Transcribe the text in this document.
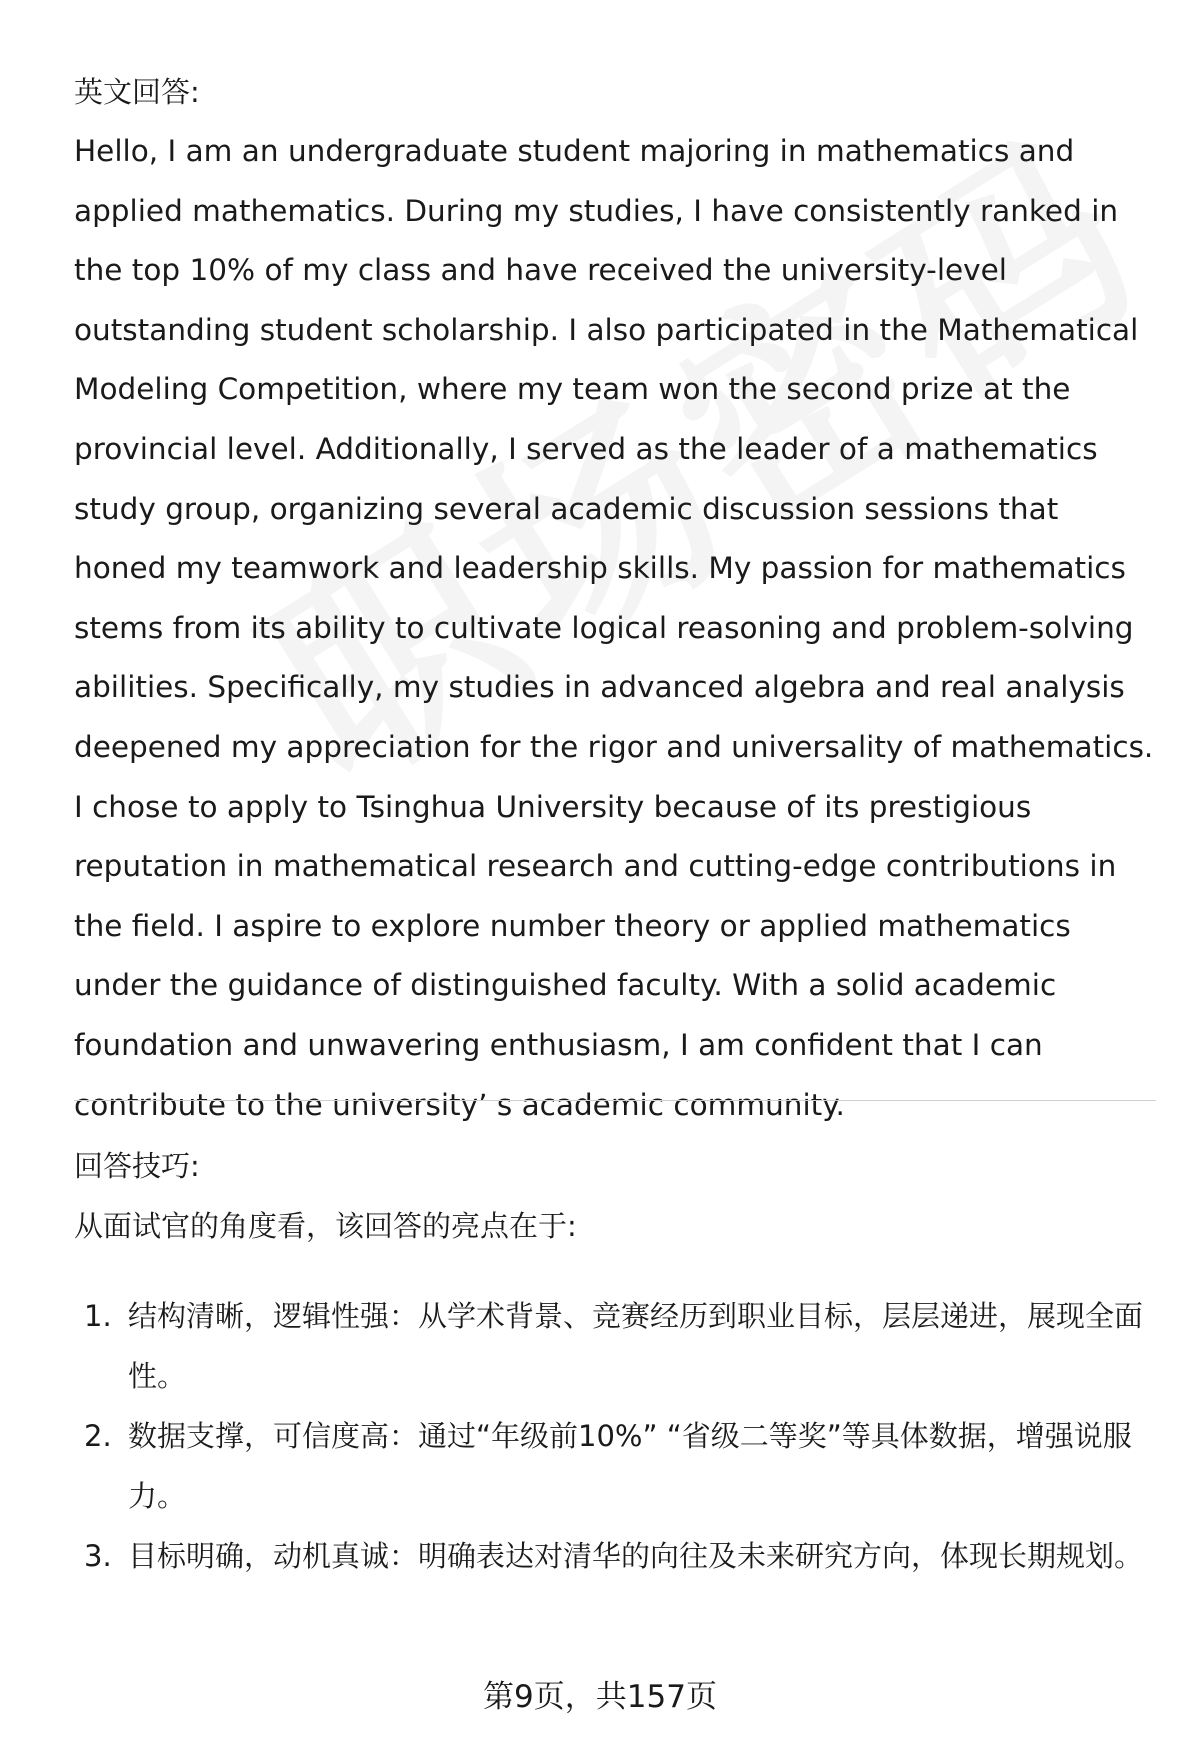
英文回答:

Hello, I am an undergraduate student majoring in mathematics and applied mathematics. During my studies, I have consistently ranked in the top 10% of my class and have received the university-level outstanding student scholarship. I also participated in the Mathematical Modeling Competition, where my team won the second prize at the provincial level. Additionally, I served as the leader of a mathematics study group, organizing several academic discussion sessions that honed my teamwork and leadership skills. My passion for mathematics stems from its ability to cultivate logical reasoning and problem-solving abilities. Specifically, my studies in advanced algebra and real analysis deepened my appreciation for the rigor and universality of mathematics. I chose to apply to Tsinghua University because of its prestigious reputation in mathematical research and cutting-edge contributions in the field. I aspire to explore number theory or applied mathematics under the guidance of distinguished faculty. With a solid academic foundation and unwavering enthusiasm, I am confident that I can contribute to the university’ s academic community.

回答技巧:

从面试官的角度看，该回答的亮点在于:

1. 结构清晰，逻辑性强：从学术背景、竞赛经历到职业目标，层层递进，展现全面性。
2. 数据支撑，可信度高：通过“年级前10%” “省级二等奖”等具体数据，增强说服力。
3. 目标明确，动机真诚：明确表达对清华的向往及未来研究方向，体现长期规划。
第9页，共157页
